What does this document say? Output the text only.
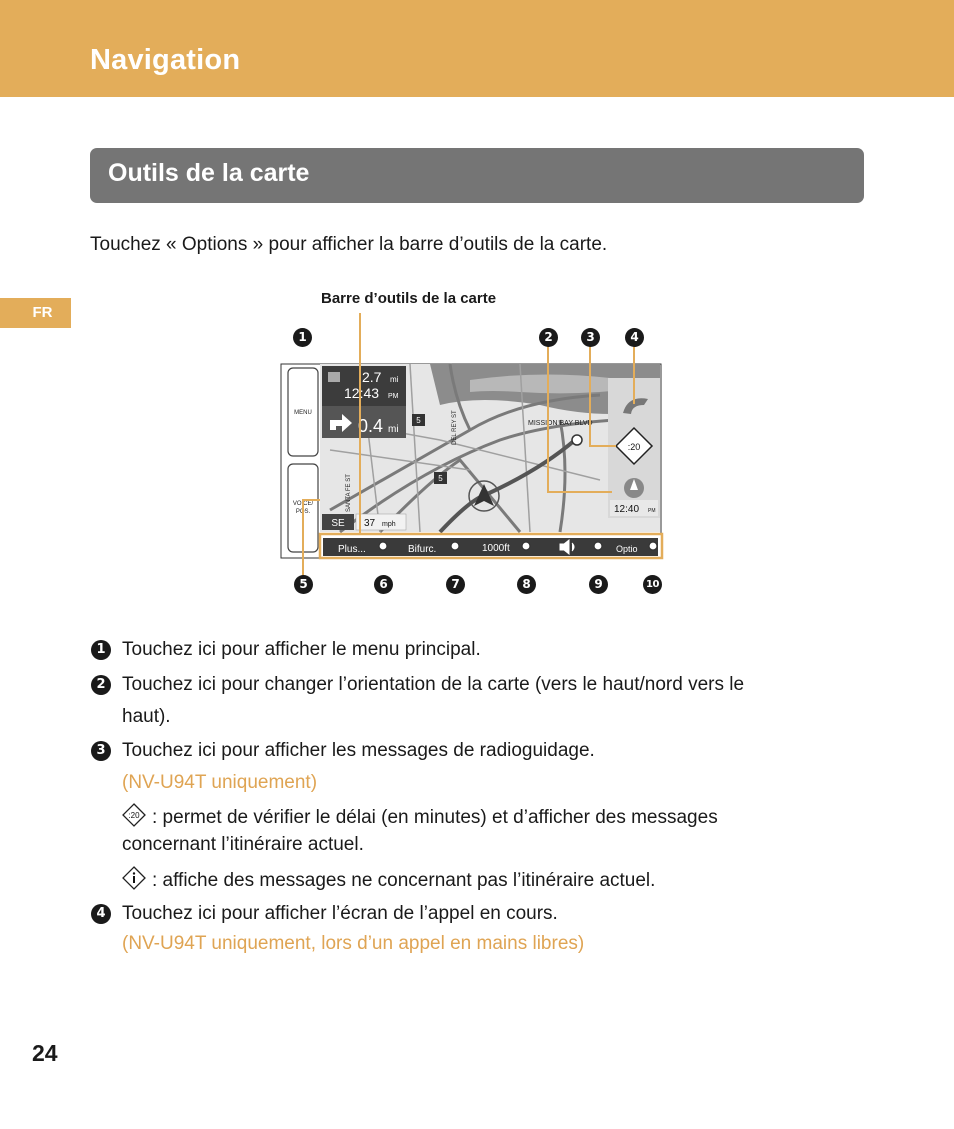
Navigation
FR
Outils de la carte
Touchez « Options » pour afficher la barre d’outils de la carte.
Barre d’outils de la carte
MENU
VOICE/
POS.
MISSION BAY BLVD
DEL REY ST
SANTA FE ST
5
5
2.7 mi
12:43 PM
0.4 mi
SE 37 mph
:20
12:40 PM
Plus...	Bifurc.	1000ft	Optio
1	2	3	4
5	6	7	8	9	10
1 Touchez ici pour afficher le menu principal.
2 Touchez ici pour changer l’orientation de la carte (vers le haut/nord vers le
haut).
3 Touchez ici pour afficher les messages de radioguidage.
(NV-U94T uniquement)
:20 : permet de vérifier le délai (en minutes) et d’afficher des messages
concernant l’itinéraire actuel.
: affiche des messages ne concernant pas l’itinéraire actuel.
4 Touchez ici pour afficher l’écran de l’appel en cours.
(NV-U94T uniquement, lors d’un appel en mains libres)
24
